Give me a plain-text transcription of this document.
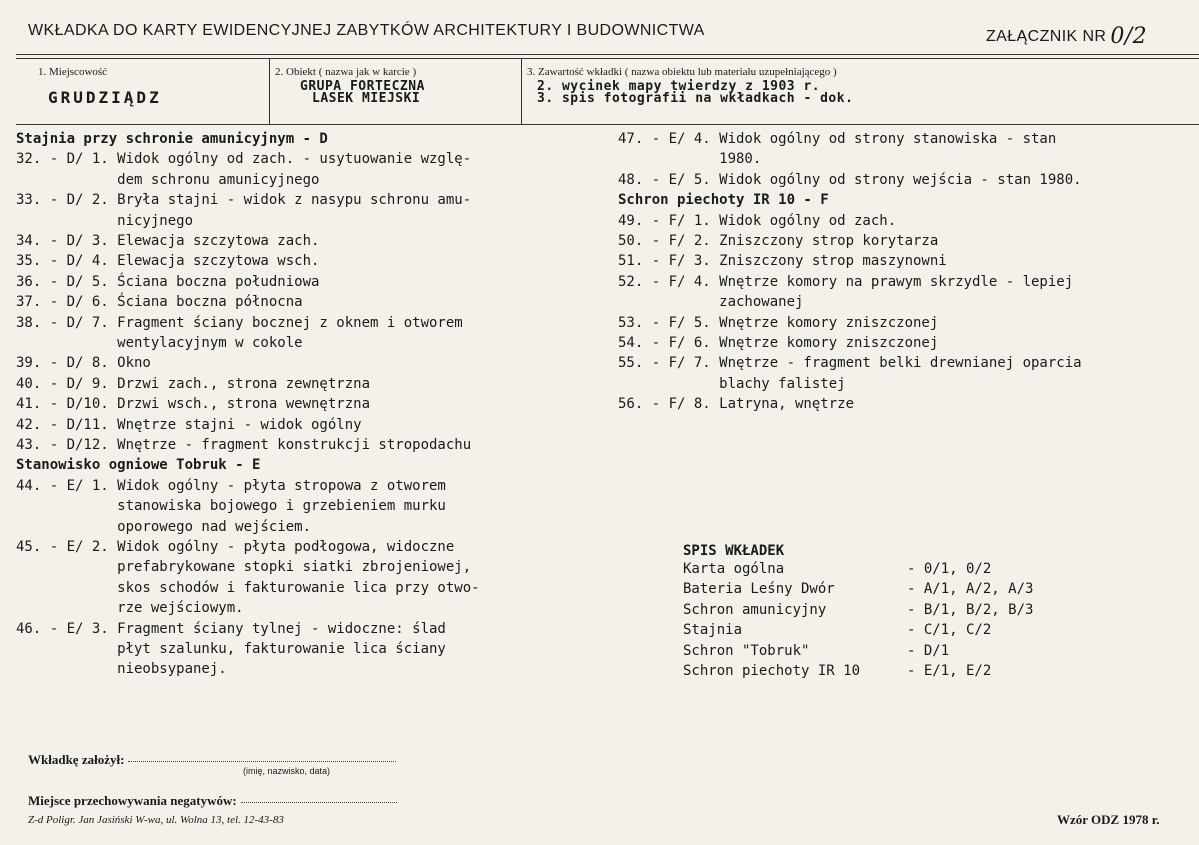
WKŁADKA DO KARTY EWIDENCYJNEJ ZABYTKÓW ARCHITEKTURY I BUDOWNICTWA	ZAŁĄCZNIK NR 0/2
1. Miejscowość
GRUDZIĄDZ
2. Obiekt ( nazwa jak w karcie )
GRUPA FORTECZNA
LASEK MIEJSKI
3. Zawartość wkładki ( nazwa obiektu lub materiału uzupełniającego )
2. wycinek mapy twierdzy z 1903 r.
3. spis fotografii na wkładkach - dok.
Stajnia przy schronie amunicyjnym - D
32. - D/ 1. Widok ogólny od zach. - usytuowanie wzglę-
dem schronu amunicyjnego
33. - D/ 2. Bryła stajni - widok z nasypu schronu amu-
nicyjnego
34. - D/ 3. Elewacja szczytowa zach.
35. - D/ 4. Elewacja szczytowa wsch.
36. - D/ 5. Ściana boczna południowa
37. - D/ 6. Ściana boczna północna
38. - D/ 7. Fragment ściany bocznej z oknem i otworem
wentylacyjnym w cokole
39. - D/ 8. Okno
40. - D/ 9. Drzwi zach., strona zewnętrzna
41. - D/10. Drzwi wsch., strona wewnętrzna
42. - D/11. Wnętrze stajni - widok ogólny
43. - D/12. Wnętrze - fragment konstrukcji stropodachu
Stanowisko ogniowe Tobruk - E
44. - E/ 1. Widok ogólny - płyta stropowa z otworem
stanowiska bojowego i grzebieniem murku
oporowego nad wejściem.
45. - E/ 2. Widok ogólny - płyta podłogowa, widoczne
prefabrykowane stopki siatki zbrojeniowej,
skos schodów i fakturowanie lica przy otwo-
rze wejściowym.
46. - E/ 3. Fragment ściany tylnej - widoczne: ślad
płyt szalunku, fakturowanie lica ściany
nieobsypanej.
47. - E/ 4. Widok ogólny od strony stanowiska - stan
1980.
48. - E/ 5. Widok ogólny od strony wejścia - stan 1980.
Schron piechoty IR 10 - F
49. - F/ 1. Widok ogólny od zach.
50. - F/ 2. Zniszczony strop korytarza
51. - F/ 3. Zniszczony strop maszynowni
52. - F/ 4. Wnętrze komory na prawym skrzydle - lepiej
zachowanej
53. - F/ 5. Wnętrze komory zniszczonej
54. - F/ 6. Wnętrze komory zniszczonej
55. - F/ 7. Wnętrze - fragment belki drewnianej oparcia
blachy falistej
56. - F/ 8. Latryna, wnętrze
SPIS WKŁADEK
Karta ogólna	- 0/1, 0/2
Bateria Leśny Dwór	- A/1, A/2, A/3
Schron amunicyjny	- B/1, B/2, B/3
Stajnia	- C/1, C/2
Schron "Tobruk"	- D/1
Schron piechoty IR 10	- E/1, E/2
Wkładkę założył:
(imię, nazwisko, data)
Miejsce przechowywania negatywów:
Z-d Poligr. Jan Jasiński W-wa, ul. Wolna 13, tel. 12-43-83	Wzór ODZ 1978 r.
